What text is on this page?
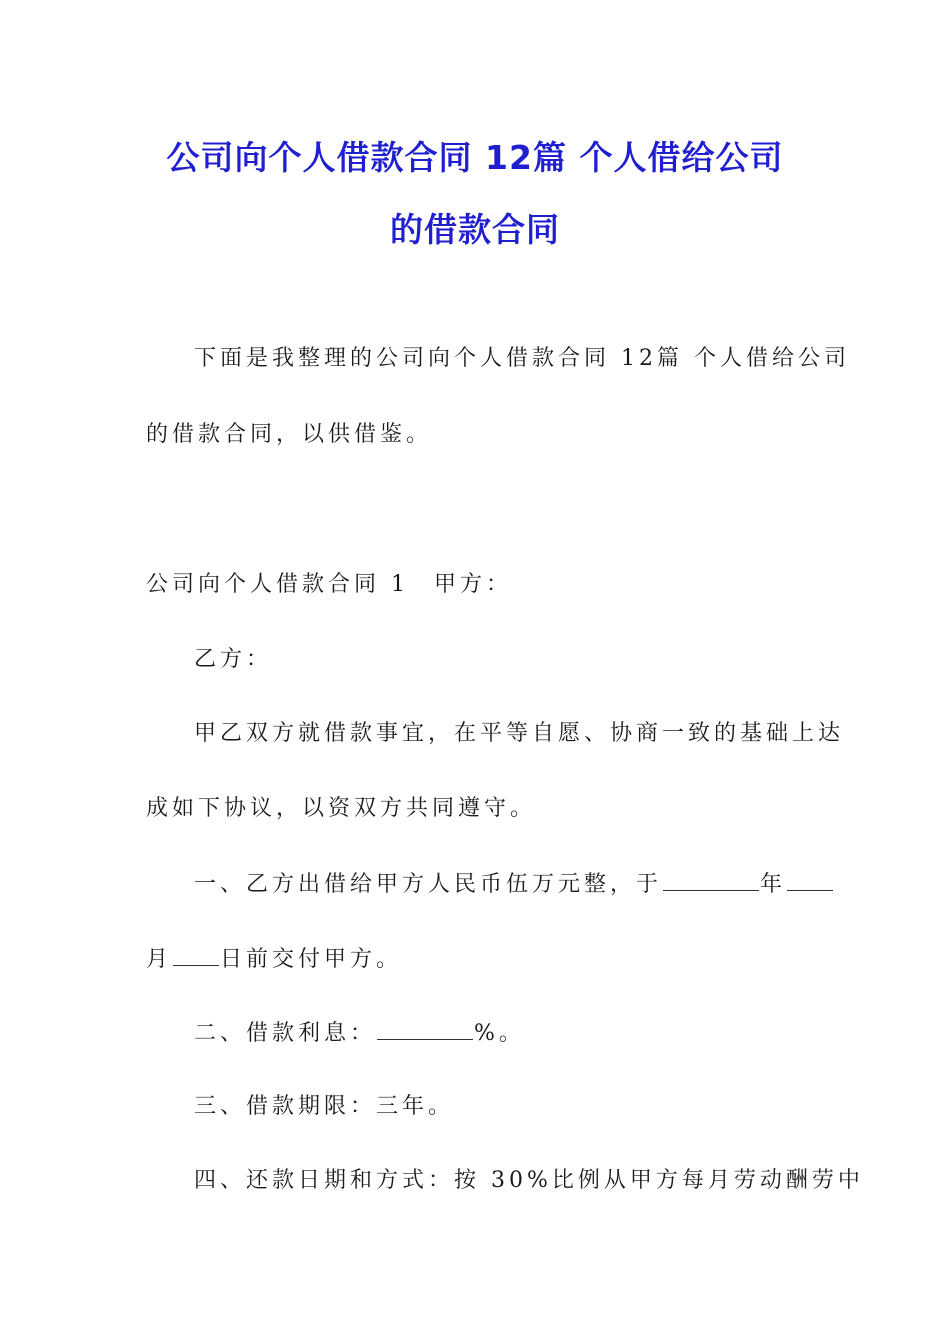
公司向个人借款合同 12篇 个人借给公司
的借款合同
下面是我整理的公司向个人借款合同 12篇 个人借给公司
的借款合同，以供借鉴。
公司向个人借款合同 1 甲方：
乙方：
甲乙双方就借款事宜，在平等自愿、协商一致的基础上达
成如下协议，以资双方共同遵守。
一、乙方出借给甲方人民币伍万元整，于	年
月 日前交付甲方。
二、借款利息：	%。
三、借款期限：三年。
四、还款日期和方式：按 30%比例从甲方每月劳动酬劳中
